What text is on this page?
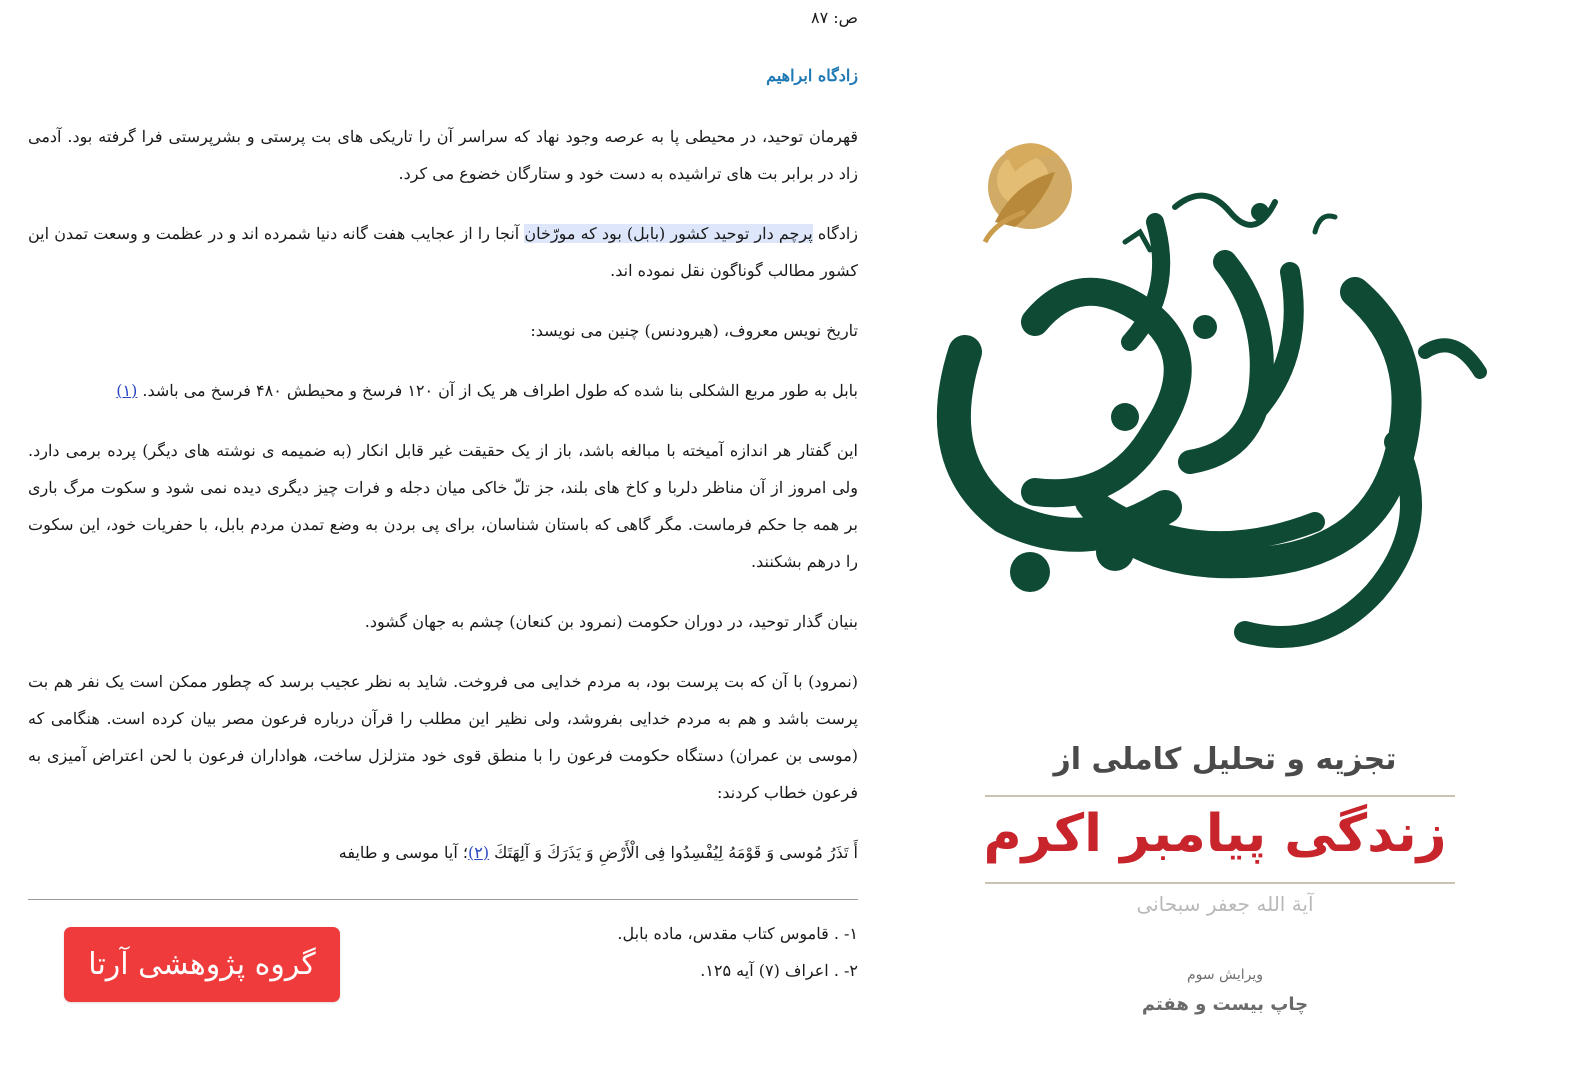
ص: ۸۷
زادگاه ابراهیم

قهرمان توحید، در محیطی پا به عرصه وجود نهاد که سراسر آن را تاریکی های بت پرستی و بشرپرستی فرا گرفته بود. آدمی زاد در برابر بت های تراشیده به دست خود و ستارگان خضوع می کرد.

زادگاه پرچم دار توحید کشور (بابل) بود که مورّخان آنجا را از عجایب هفت گانه دنیا شمرده اند و در عظمت و وسعت تمدن این کشور مطالب گوناگون نقل نموده اند.

تاریخ نویس معروف، (هیرودنس) چنین می نویسد:

بابل به طور مربع الشکلی بنا شده که طول اطراف هر یک از آن ۱۲۰ فرسخ و محیطش ۴۸۰ فرسخ می باشد. (۱)

این گفتار هر اندازه آمیخته با مبالغه باشد، باز از یک حقیقت غیر قابل انکار (به ضمیمه ی نوشته های دیگر) پرده برمی دارد. ولی امروز از آن مناظر دلربا و کاخ های بلند، جز تلّ خاکی میان دجله و فرات چیز دیگری دیده نمی شود و سکوت مرگ باری بر همه جا حکم فرماست. مگر گاهی که باستان شناسان، برای پی بردن به وضع تمدن مردم بابل، با حفریات خود، این سکوت را درهم بشکنند.

بنیان گذار توحید، در دوران حکومت (نمرود بن کنعان) چشم به جهان گشود.

(نمرود) با آن که بت پرست بود، به مردم خدایی می فروخت. شاید به نظر عجیب برسد که چطور ممکن است یک نفر هم بت پرست باشد و هم به مردم خدایی بفروشد، ولی نظیر این مطلب را قرآن درباره فرعون مصر بیان کرده است. هنگامی که (موسی بن عمران) دستگاه حکومت فرعون را با منطق قوی خود متزلزل ساخت، هواداران فرعون با لحن اعتراض آمیزی به فرعون خطاب کردند:

أَ تَذَرُ مُوسی وَ قَوْمَهُ لِيُفْسِدُوا فِی الْأَرْضِ وَ يَذَرَكَ وَ آلِهَتَكَ (۲)؛ آیا موسی و طایفه

۱- . قاموس کتاب مقدس، ماده بابل.
۲- . اعراف (۷) آیه ۱۲۵.
گروه پژوهشی آرتا
تجزیه و تحلیل کاملی از
زندگی پیامبر اکرم
آیة الله جعفر سبحانی
ویرایش سوم
چاپ بیست و هفتم
